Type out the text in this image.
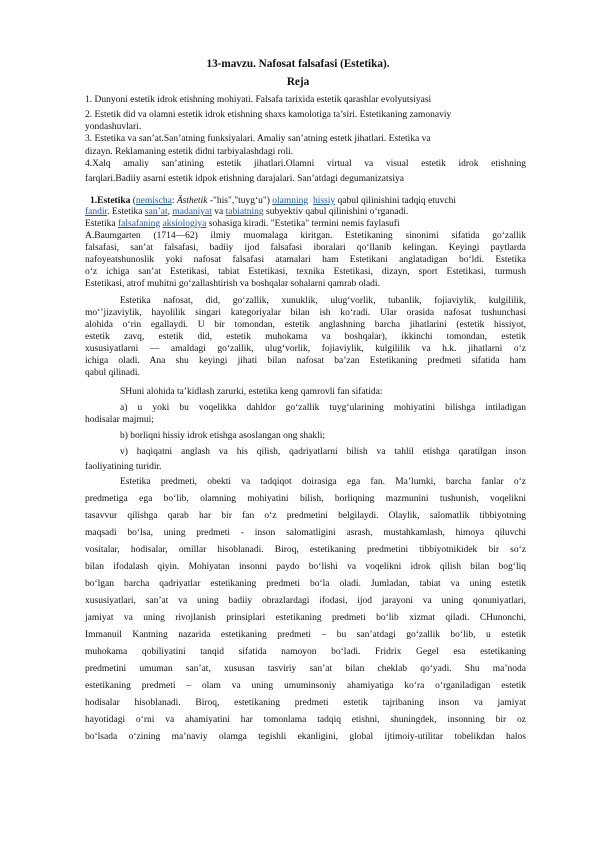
13-mavzu. Nafosat falsafasi (Estetika).
Reja
1. Dunyoni estetik idrok etishning mohiyati. Falsafa tarixida estetik qarashlar evolyutsiyasi
2. Estetik did va olamni estetik idrok etishning shaxs kamolotiga ta’siri. Estetikaning zamonaviy
yondashuvlari.
3. Estetika va san’at.San’atning funksiyalari. Amaliy san’atning estetk jihatlari. Estetika va
dizayn. Reklamaning estetik didni tarbiyalashdagi roli.
4.Xalq amaliy san’atining estetik jihatlari.Olamni virtual va visual estetik idrok etishning
farqlari.Badiiy asarni estetik idpok etishning darajalari. San’atdagi degumanizatsiya
1.Estetika (nemischa: Ästhetik -"his","tuyg‘u") olamning hissiy qabul qilinishini tadqiq etuvchi
fandir. Estetika san’at, madaniyat va tabiatning subyektiv qabul qilinishini o‘rganadi.
Estetika falsafaning aksiologiya sohasiga kiradi. "Estetika" termini nemis faylasufi
A.Baumgarten (1714—62) ilmiy muomalaga kiritgan. Estetikaning sinonimi sifatida go‘zallik
falsafasi, san’at falsafasi, badiiy ijod falsafasi iboralari qo‘llanib kelingan. Keyingi paytlarda
nafoyeatshunoslik yoki nafosat falsafasi atamalari ham Estetikani anglatadigan bo‘ldi. Estetika
o‘z ichiga san’at Estetikasi, tabiat Estetikasi, texnika Estetikasi, dizayn, sport Estetikasi, turmush
Estetikasi, atrof muhitni go‘zallashtirish va boshqalar sohalarni qamrab oladi.
Estetika nafosat, did, go‘zallik, xunuklik, ulug‘vorlik, tubanlik, fojiaviylik, kulgililik,
mo‘’jizaviylik, hayolilik singari kategoriyalar bilan ish ko‘radi. Ular orasida nafosat tushunchasi
alohida o‘rin egallaydi. U bir tomondan, estetik anglashning barcha jihatlarini (estetik hissiyot,
estetik zavq, estetik did, estetik muhokama va boshqalar), ikkinchi tomondan, estetik
xususiyatlarni — amaldagi go‘zallik, ulug‘vorlik, fojiaviylik, kulgililik va h.k. jihatlarni o‘z
ichiga oladi. Ana shu keyingi jihati bilan nafosat ba’zan Estetikaning predmeti sifatida ham
qabul qilinadi.
SHuni alohida ta’kidlash zarurki, estetika keng qamrovli fan sifatida:
a) u yoki bu voqelikka dahldor go‘zallik tuyg‘ularining mohiyatini bilishga intiladigan
hodisalar majmui;
b) borliqni hissiy idrok etishga asoslangan ong shakli;
v) haqiqatni anglash va his qilish, qadriyatlarni bilish va tahlil etishga qaratilgan inson
faoliyatining turidir.
Estetika predmeti, obekti va tadqiqot doirasiga ega fan. Ma’lumki, barcha fanlar o‘z
predmetiga ega bo‘lib, olamning mohiyatini bilish, borliqning mazmunini tushunish, voqelikni
tasavvur qilishga qarab har bir fan o‘z predmetini belgilaydi. Olaylik, salomatlik tibbiyotning
maqsadi bo‘lsa, uning predmeti - inson salomatligini asrash, mustahkamlash, himoya qiluvchi
vositalar, hodisalar, omillar hisoblanadi. Biroq, estetikaning predmetini tibbiyotnikidek bir so‘z
bilan ifodalash qiyin. Mohiyatan insonni paydo bo‘lishi va voqelikni idrok qilish bilan bog‘liq
bo‘lgan barcha qadriyatlar estetikaning predmeti bo‘la oladi. Jumladan, tabiat va uning estetik
xususiyatlari, san’at va uning badiiy obrazlardagi ifodasi, ijod jarayoni va uning qonuniyatlari,
jamiyat va uning rivojlanish prinsiplari estetikaning predmeti bo‘lib xizmat qiladi. CHunonchi,
Immanuil Kantning nazarida estetikaning predmeti – bu san’atdagi go‘zallik bo‘lib, u estetik
muhokama qobiliyatini tanqid sifatida namoyon bo‘ladi. Fridrix Gegel esa estetikaning
predmetini umuman san’at, xususan tasviriy san’at bilan cheklab qo‘yadi. Shu ma’noda
estetikaning predmeti – olam va uning umuminsoniy ahamiyatiga ko‘ra o‘rganiladigan estetik
hodisalar hisoblanadi. Biroq, estetikaning predmeti estetik tajribaning inson va jamiyat
hayotidagi o‘rni va ahamiyatini har tomonlama tadqiq etishni, shuningdek, insonning bir oz
bo‘lsada o‘zining ma’naviy olamga tegishli ekanligini, global ijtimoiy-utilitar tobelikdan halos
